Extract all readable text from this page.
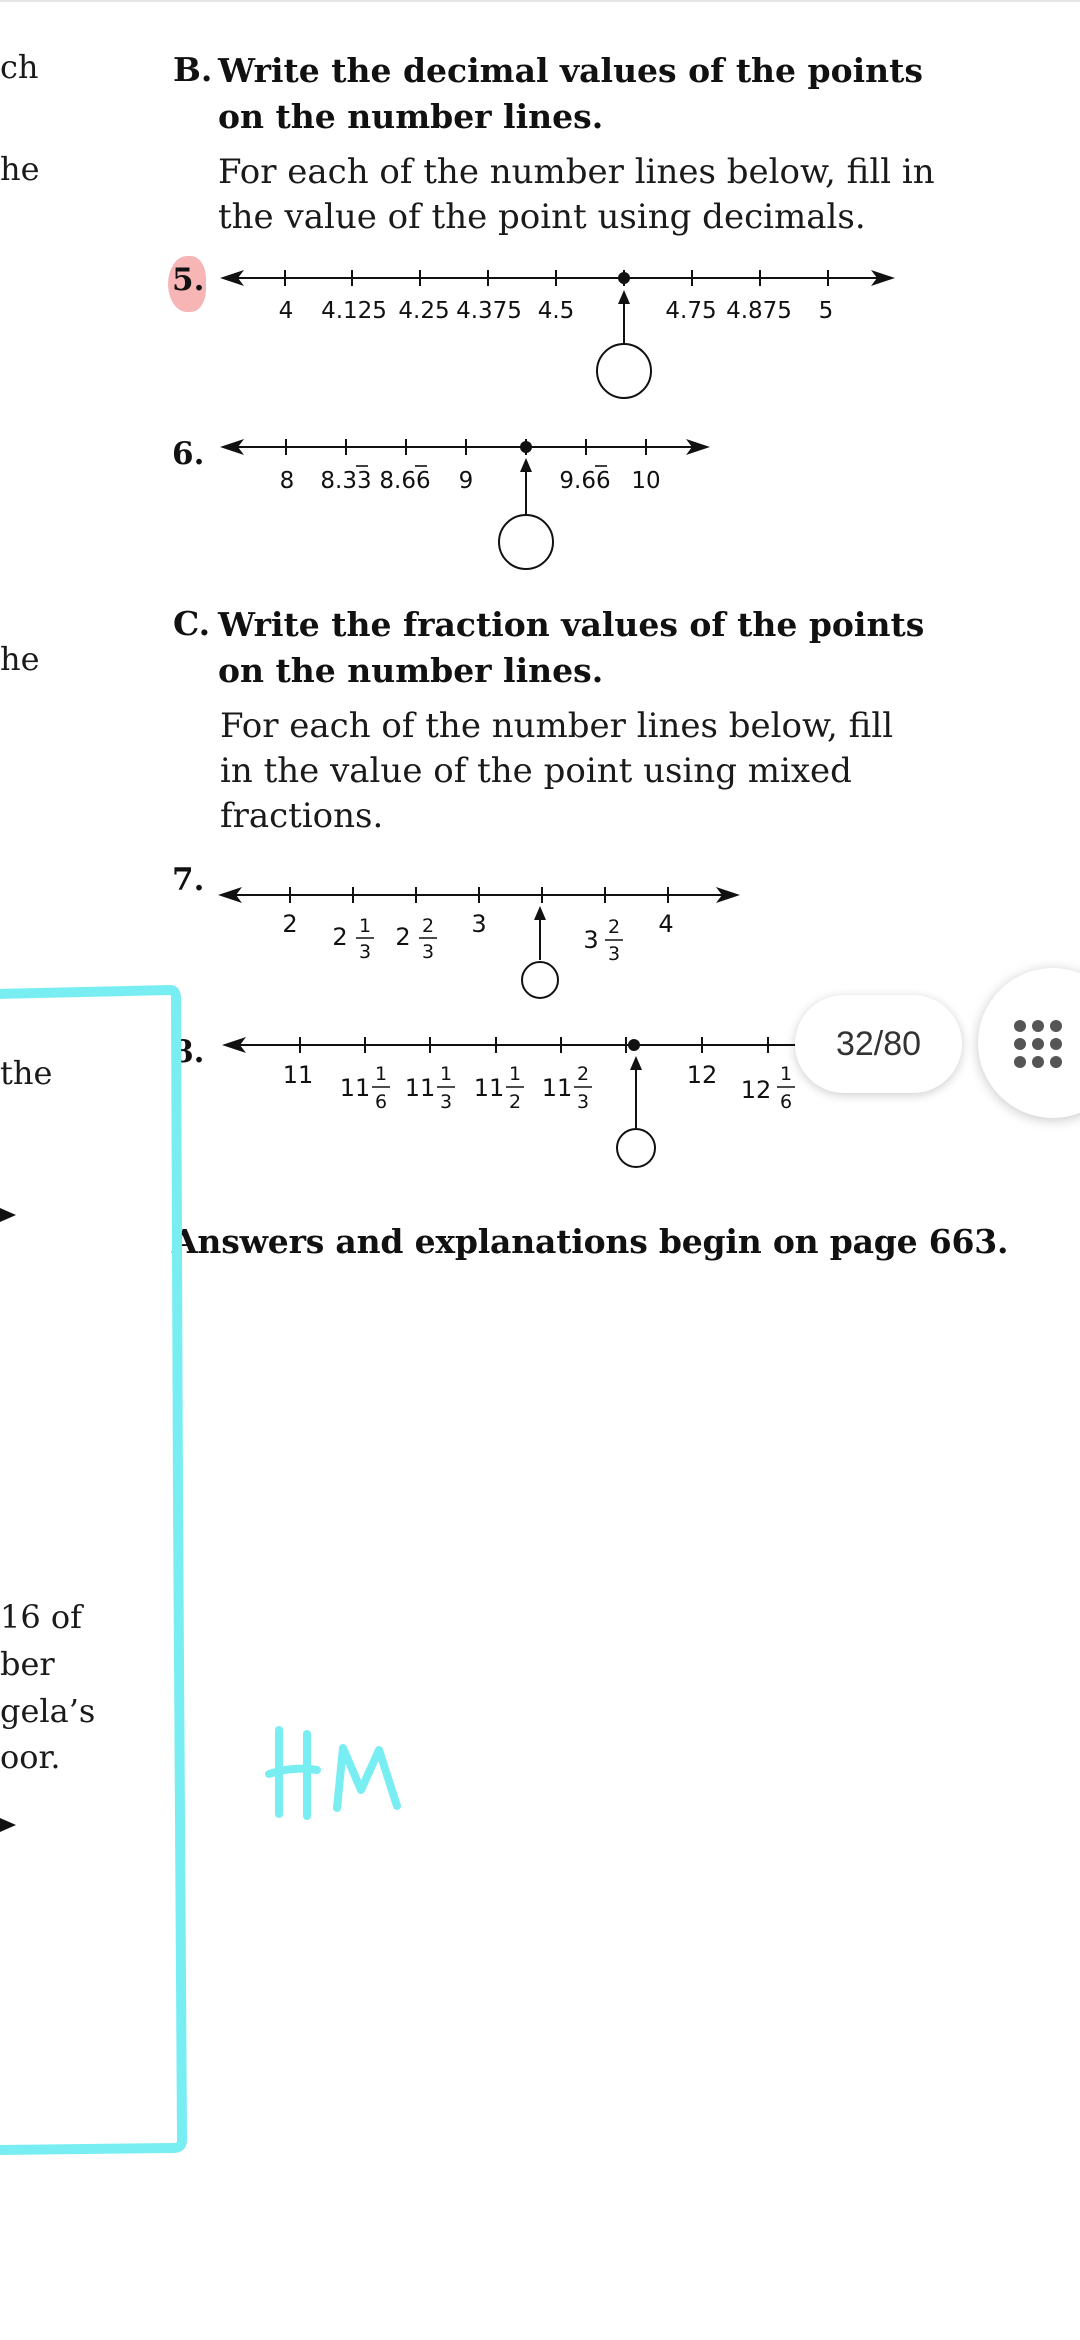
ch
he
he
the
16 of
ber
gela’s
oor.
B. Write the decimal values of the points
on the number lines.
For each of the number lines below, fill in
the value of the point using decimals.
5.
4 4.125 4.25 4.375 4.5	4.75 4.875 5
6.
8 8.33 8.66 9	9.66 10
C. Write the fraction values of the points
on the number lines.
For each of the number lines below, fill
in the value of the point using mixed
fractions.
7.
2 2 1
3
2 2
3
3
3 2
3
4
8.
11 11 1
6 11 1
3 11 1
2 11 2
3
12
12
1
6
Answers and explanations begin on page 663.
32/80
